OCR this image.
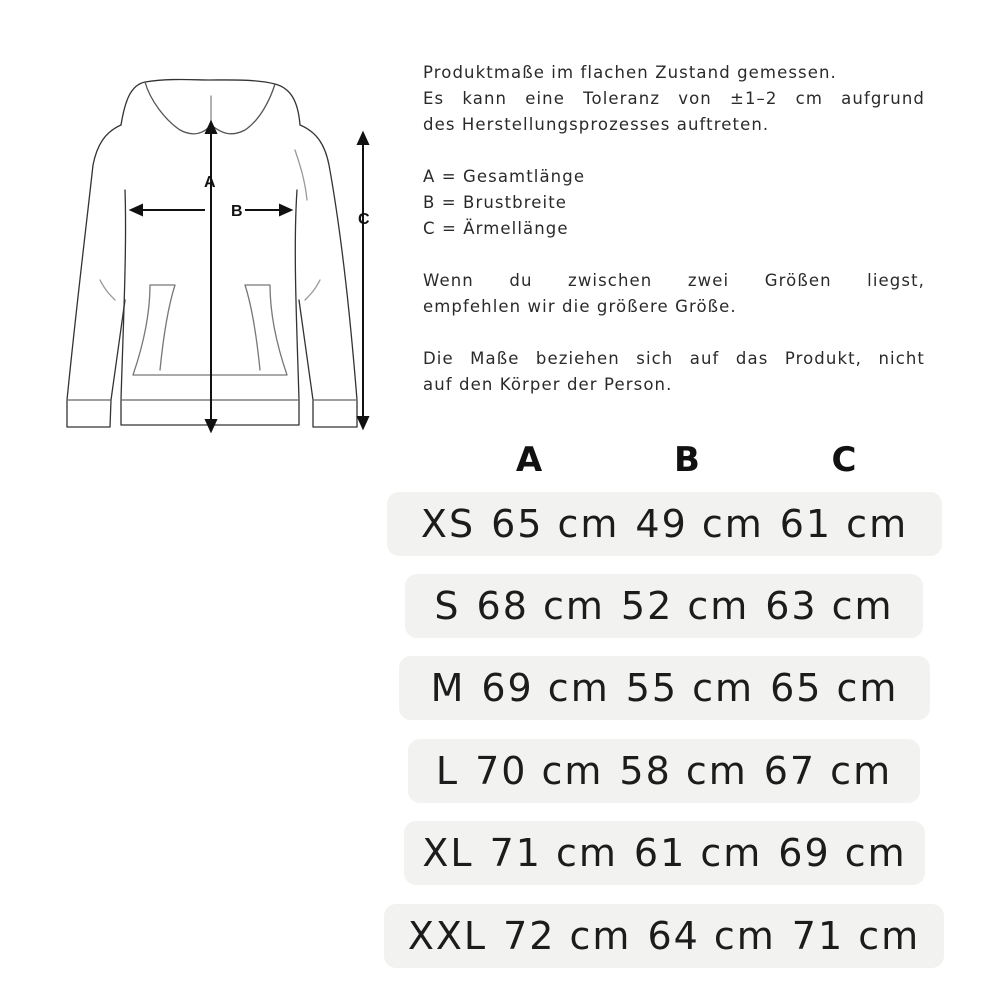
A
B	C

Produktmaße im flachen Zustand gemessen.
Es kann eine Toleranz von ±1–2 cm aufgrund
des Herstellungsprozesses auftreten.

A = Gesamtlänge
B = Brustbreite
C = Ärmellänge

Wenn du zwischen zwei Größen liegst,
empfehlen wir die größere Größe.

Die Maße beziehen sich auf das Produkt, nicht
auf den Körper der Person.

A	B	C
XS 65 cm 49 cm 61 cm
S 68 cm 52 cm 63 cm
M 69 cm 55 cm 65 cm
L 70 cm 58 cm 67 cm
XL 71 cm 61 cm 69 cm
XXL 72 cm 64 cm 71 cm
